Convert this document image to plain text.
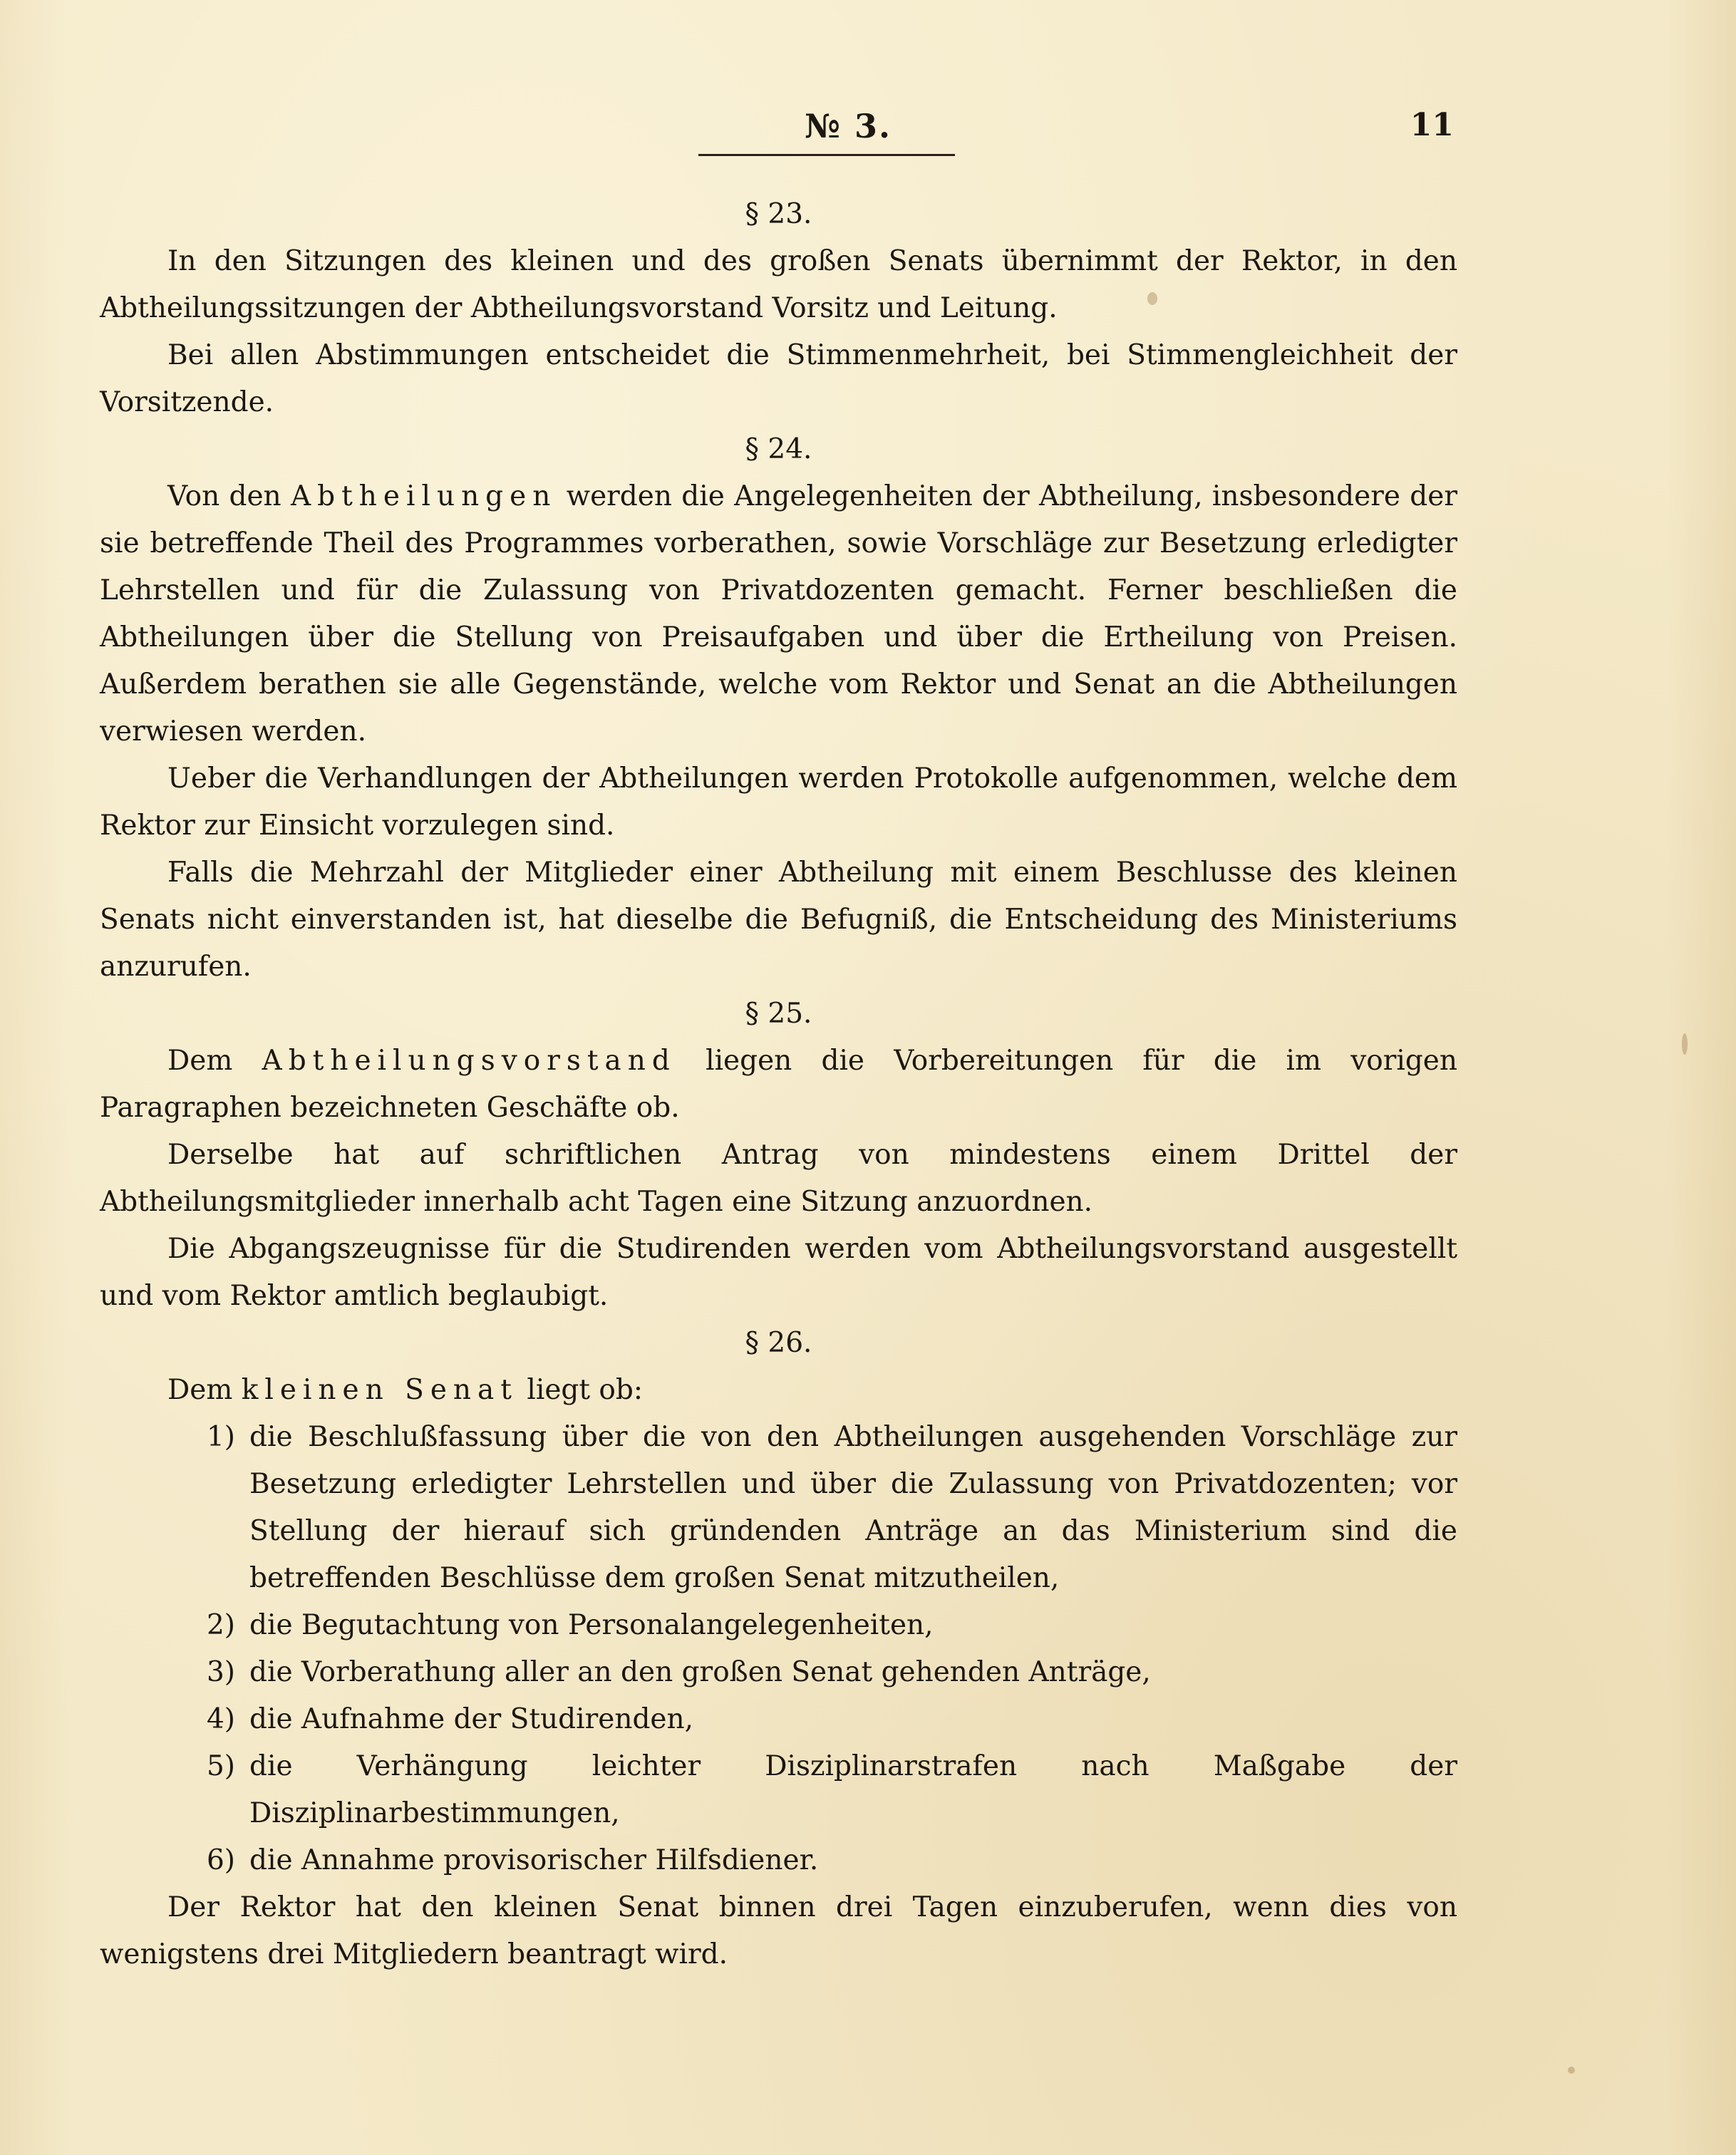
№ 3.	11
§ 23.

In den Sitzungen des kleinen und des großen Senats übernimmt der Rektor, in den Abtheilungssitzungen der Abtheilungsvorstand Vorsitz und Leitung.

Bei allen Abstimmungen entscheidet die Stimmenmehrheit, bei Stimmengleichheit der Vorsitzende.

§ 24.

Von den Abtheilungen werden die Angelegenheiten der Abtheilung, insbesondere der sie betreffende Theil des Programmes vorberathen, sowie Vorschläge zur Besetzung erledigter Lehrstellen und für die Zulassung von Privatdozenten gemacht. Ferner beschließen die Abtheilungen über die Stellung von Preisaufgaben und über die Ertheilung von Preisen. Außerdem berathen sie alle Gegenstände, welche vom Rektor und Senat an die Abtheilungen verwiesen werden.

Ueber die Verhandlungen der Abtheilungen werden Protokolle aufgenommen, welche dem Rektor zur Einsicht vorzulegen sind.

Falls die Mehrzahl der Mitglieder einer Abtheilung mit einem Beschlusse des kleinen Senats nicht einverstanden ist, hat dieselbe die Befugniß, die Entscheidung des Ministeriums anzurufen.

§ 25.

Dem Abtheilungsvorstand liegen die Vorbereitungen für die im vorigen Paragraphen bezeichneten Geschäfte ob.

Derselbe hat auf schriftlichen Antrag von mindestens einem Drittel der Abtheilungsmitglieder innerhalb acht Tagen eine Sitzung anzuordnen.

Die Abgangszeugnisse für die Studirenden werden vom Abtheilungsvorstand ausgestellt und vom Rektor amtlich beglaubigt.

§ 26.

Dem kleinen Senat liegt ob:

1) die Beschlußfassung über die von den Abtheilungen ausgehenden Vorschläge zur Besetzung erledigter Lehrstellen und über die Zulassung von Privatdozenten; vor Stellung der hierauf sich gründenden Anträge an das Ministerium sind die betreffenden Beschlüsse dem großen Senat mitzutheilen,
2) die Begutachtung von Personalangelegenheiten,
3) die Vorberathung aller an den großen Senat gehenden Anträge,
4) die Aufnahme der Studirenden,
5) die Verhängung leichter Disziplinarstrafen nach Maßgabe der Disziplinarbestimmungen,
6) die Annahme provisorischer Hilfsdiener.

Der Rektor hat den kleinen Senat binnen drei Tagen einzuberufen, wenn dies von wenigstens drei Mitgliedern beantragt wird.
